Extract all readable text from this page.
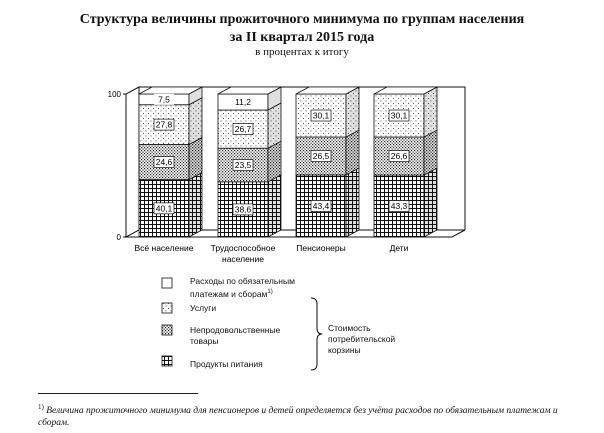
Структура величины прожиточного минимума по группам населения
за II квартал 2015 года
в процентах к итогу
0
100
40,1
24,6
27,8
7,5
38,6
23,5
26,7
11,2
43,4
26,5
30,1
43,3
26,6
30,1
Всё население Трудоспособное
население
Пенсионеры	Дети
Расходы по обязательным
платежам и сборам$^{1)}$
Услуги
Непродовольственные
товары
Продукты питания
Стоимость
потребительской
корзины
$^{1)}$ Величина прожиточного минимума для пенсионеров и детей определяется без учёта расходов по обязательным платежам и сборам.
